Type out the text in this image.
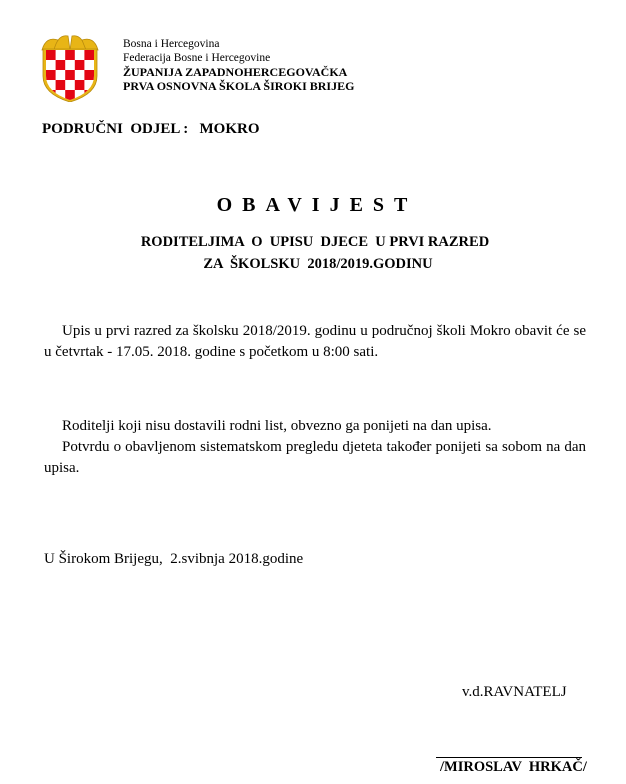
Bosna i Hercegovina
Federacija Bosne i Hercegovine
ŽUPANIJA ZAPADNOHERCEGOVAČKA
PRVA OSNOVNA ŠKOLA ŠIROKI BRIJEG
PODRUČNI  ODJEL :   MOKRO
OBAVIJEST
RODITELJIMA  O  UPISU  DJECE  U PRVI RAZRED
ZA  ŠKOLSKU  2018/2019.GODINU
Upis u prvi razred za školsku 2018/2019. godinu u područnoj školi Mokro obavit će se u četvrtak - 17.05. 2018. godine s početkom u 8:00 sati.
Roditelji koji nisu dostavili rodni list, obvezno ga ponijeti na dan upisa.
Potvrdu o obavljenom sistematskom pregledu djeteta također ponijeti sa sobom na dan upisa.
U Širokom Brijegu,  2.svibnja 2018.godine
v.d.RAVNATELJ
/MIROSLAV  HRKAČ/
